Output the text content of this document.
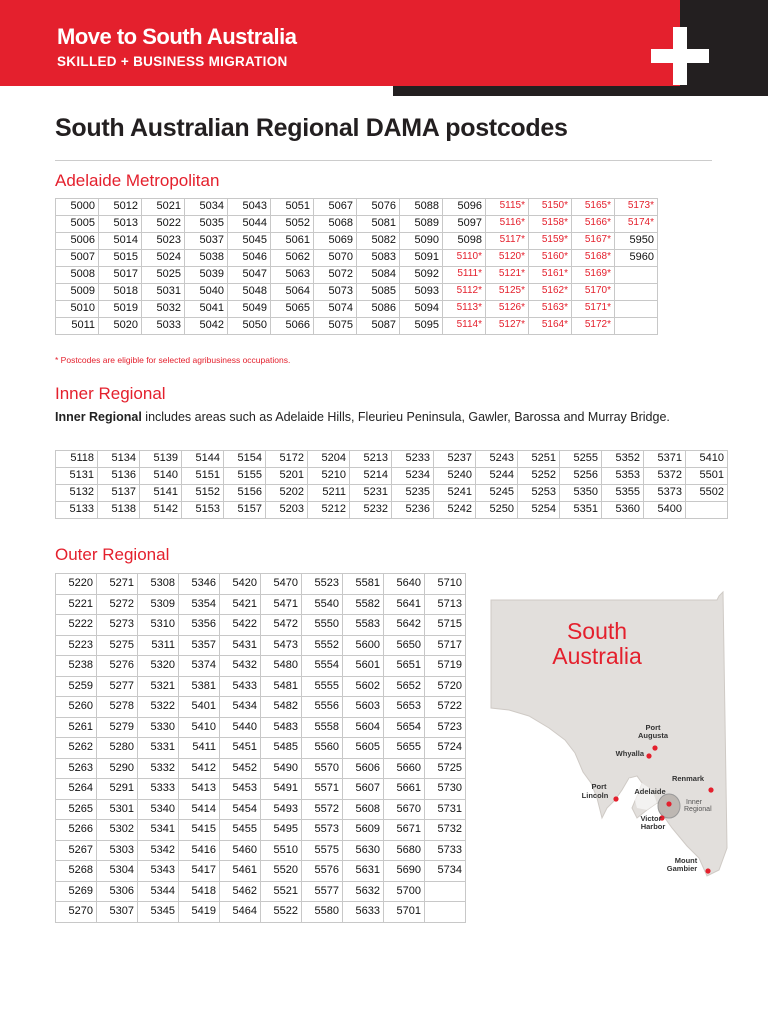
Move to South Australia
SKILLED + BUSINESS MIGRATION
South Australian Regional DAMA postcodes
Adelaide Metropolitan
5000	5012	5021	5034	5043	5051	5067	5076	5088	5096	5115*	5150*	5165*	5173*
5005	5013	5022	5035	5044	5052	5068	5081	5089	5097	5116*	5158*	5166*	5174*
5006	5014	5023	5037	5045	5061	5069	5082	5090	5098	5117*	5159*	5167*	5950
5007	5015	5024	5038	5046	5062	5070	5083	5091	5110*	5120*	5160*	5168*	5960
5008	5017	5025	5039	5047	5063	5072	5084	5092	5111*	5121*	5161*	5169*	
5009	5018	5031	5040	5048	5064	5073	5085	5093	5112*	5125*	5162*	5170*	
5010	5019	5032	5041	5049	5065	5074	5086	5094	5113*	5126*	5163*	5171*	
5011	5020	5033	5042	5050	5066	5075	5087	5095	5114*	5127*	5164*	5172*	
* Postcodes are eligible for selected agribusiness occupations.
Inner Regional
Inner Regional includes areas such as Adelaide Hills, Fleurieu Peninsula, Gawler, Barossa and Murray Bridge.
5118	5134	5139	5144	5154	5172	5204	5213	5233	5237	5243	5251	5255	5352	5371	5410
5131	5136	5140	5151	5155	5201	5210	5214	5234	5240	5244	5252	5256	5353	5372	5501
5132	5137	5141	5152	5156	5202	5211	5231	5235	5241	5245	5253	5350	5355	5373	5502
5133	5138	5142	5153	5157	5203	5212	5232	5236	5242	5250	5254	5351	5360	5400	
Outer Regional
5220	5271	5308	5346	5420	5470	5523	5581	5640	5710
5221	5272	5309	5354	5421	5471	5540	5582	5641	5713
5222	5273	5310	5356	5422	5472	5550	5583	5642	5715
5223	5275	5311	5357	5431	5473	5552	5600	5650	5717
5238	5276	5320	5374	5432	5480	5554	5601	5651	5719
5259	5277	5321	5381	5433	5481	5555	5602	5652	5720
5260	5278	5322	5401	5434	5482	5556	5603	5653	5722
5261	5279	5330	5410	5440	5483	5558	5604	5654	5723
5262	5280	5331	5411	5451	5485	5560	5605	5655	5724
5263	5290	5332	5412	5452	5490	5570	5606	5660	5725
5264	5291	5333	5413	5453	5491	5571	5607	5661	5730
5265	5301	5340	5414	5454	5493	5572	5608	5670	5731
5266	5302	5341	5415	5455	5495	5573	5609	5671	5732
5267	5303	5342	5416	5460	5510	5575	5630	5680	5733
5268	5304	5343	5417	5461	5520	5576	5631	5690	5734
5269	5306	5344	5418	5462	5521	5577	5632	5700	
5270	5307	5345	5419	5464	5522	5580	5633	5701	
South
Australia
Port
Augusta
Whyalla
Renmark
Port
Lincoln	Adelaide
Inner
Regional
Victor
Harbor
Mount
Gambier
